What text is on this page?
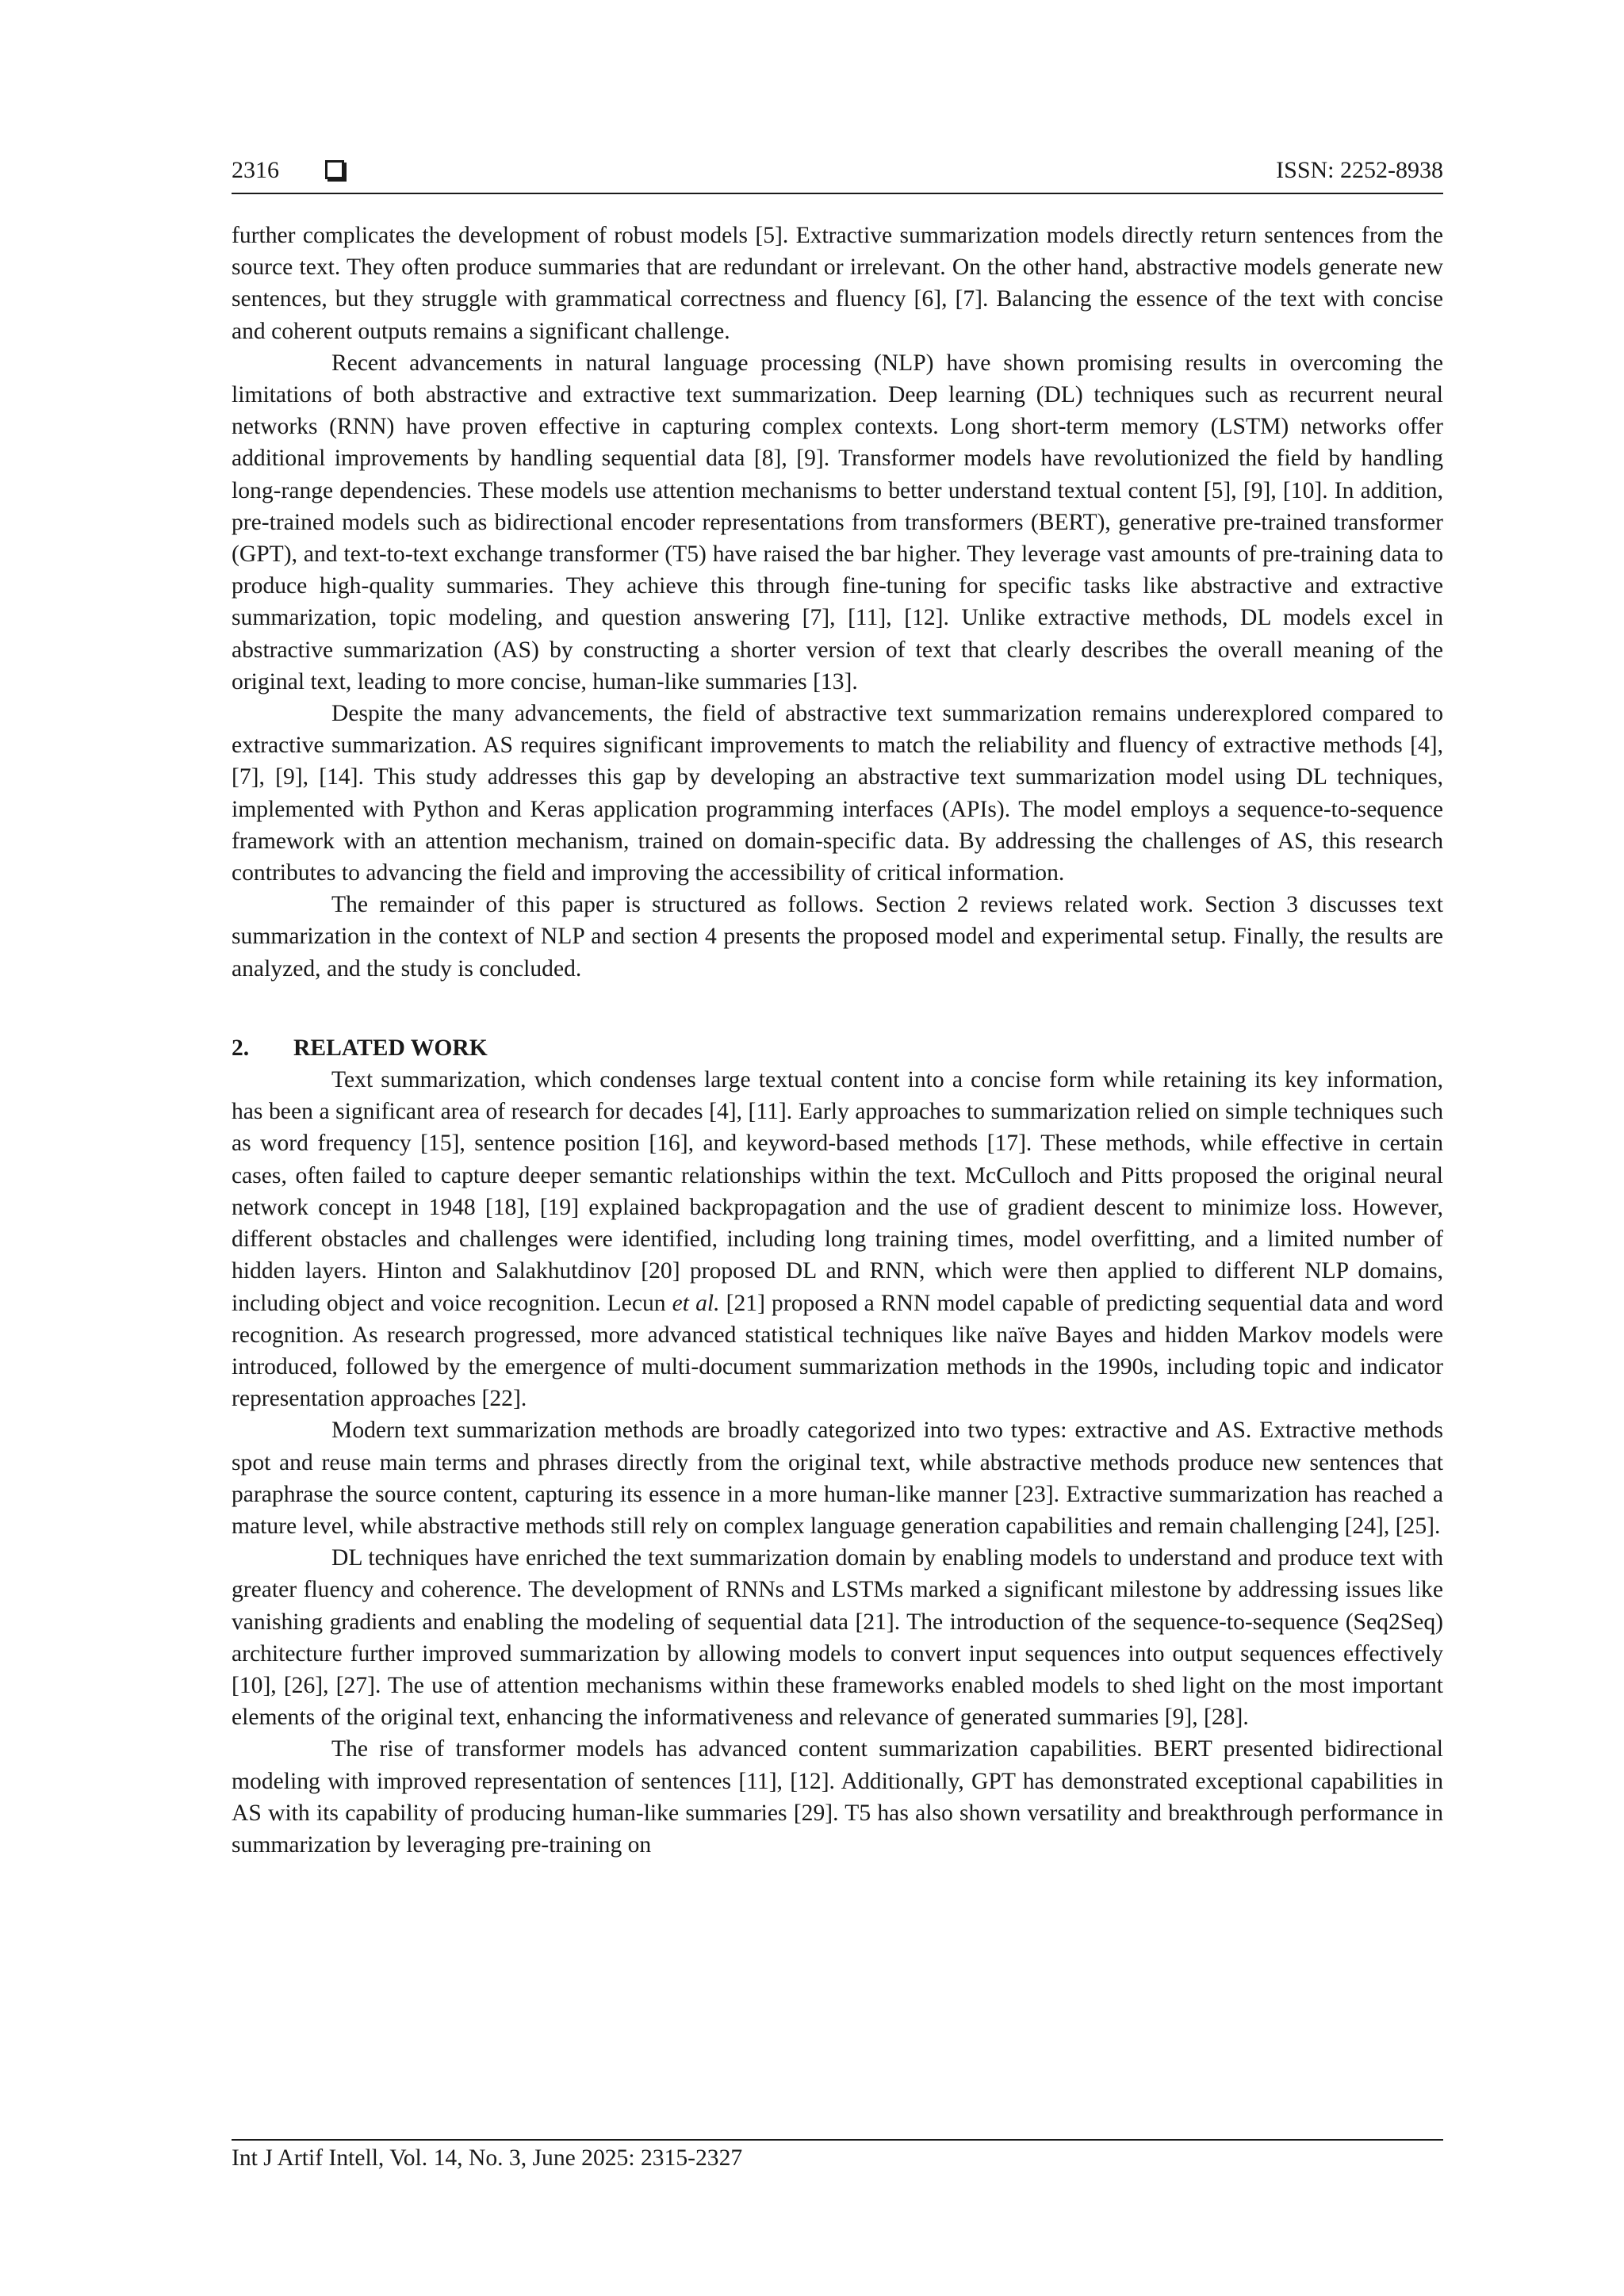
2316	ISSN: 2252-8938

further complicates the development of robust models [5]. Extractive summarization models directly return sentences from the source text. They often produce summaries that are redundant or irrelevant. On the other hand, abstractive models generate new sentences, but they struggle with grammatical correctness and fluency [6], [7]. Balancing the essence of the text with concise and coherent outputs remains a significant challenge.

Recent advancements in natural language processing (NLP) have shown promising results in overcoming the limitations of both abstractive and extractive text summarization. Deep learning (DL) techniques such as recurrent neural networks (RNN) have proven effective in capturing complex contexts. Long short-term memory (LSTM) networks offer additional improvements by handling sequential data [8], [9]. Transformer models have revolutionized the field by handling long-range dependencies. These models use attention mechanisms to better understand textual content [5], [9], [10]. In addition, pre-trained models such as bidirectional encoder representations from transformers (BERT), generative pre-trained transformer (GPT), and text-to-text exchange transformer (T5) have raised the bar higher. They leverage vast amounts of pre-training data to produce high-quality summaries. They achieve this through fine-tuning for specific tasks like abstractive and extractive summarization, topic modeling, and question answering [7], [11], [12]. Unlike extractive methods, DL models excel in abstractive summarization (AS) by constructing a shorter version of text that clearly describes the overall meaning of the original text, leading to more concise, human-like summaries [13].

Despite the many advancements, the field of abstractive text summarization remains underexplored compared to extractive summarization. AS requires significant improvements to match the reliability and fluency of extractive methods [4], [7], [9], [14]. This study addresses this gap by developing an abstractive text summarization model using DL techniques, implemented with Python and Keras application programming interfaces (APIs). The model employs a sequence-to-sequence framework with an attention mechanism, trained on domain-specific data. By addressing the challenges of AS, this research contributes to advancing the field and improving the accessibility of critical information.

The remainder of this paper is structured as follows. Section 2 reviews related work. Section 3 discusses text summarization in the context of NLP and section 4 presents the proposed model and experimental setup. Finally, the results are analyzed, and the study is concluded.

2. RELATED WORK

Text summarization, which condenses large textual content into a concise form while retaining its key information, has been a significant area of research for decades [4], [11]. Early approaches to summarization relied on simple techniques such as word frequency [15], sentence position [16], and keyword-based methods [17]. These methods, while effective in certain cases, often failed to capture deeper semantic relationships within the text. McCulloch and Pitts proposed the original neural network concept in 1948 [18], [19] explained backpropagation and the use of gradient descent to minimize loss. However, different obstacles and challenges were identified, including long training times, model overfitting, and a limited number of hidden layers. Hinton and Salakhutdinov [20] proposed DL and RNN, which were then applied to different NLP domains, including object and voice recognition. Lecun et al. [21] proposed a RNN model capable of predicting sequential data and word recognition. As research progressed, more advanced statistical techniques like naïve Bayes and hidden Markov models were introduced, followed by the emergence of multi-document summarization methods in the 1990s, including topic and indicator representation approaches [22].

Modern text summarization methods are broadly categorized into two types: extractive and AS. Extractive methods spot and reuse main terms and phrases directly from the original text, while abstractive methods produce new sentences that paraphrase the source content, capturing its essence in a more human-like manner [23]. Extractive summarization has reached a mature level, while abstractive methods still rely on complex language generation capabilities and remain challenging [24], [25].

DL techniques have enriched the text summarization domain by enabling models to understand and produce text with greater fluency and coherence. The development of RNNs and LSTMs marked a significant milestone by addressing issues like vanishing gradients and enabling the modeling of sequential data [21]. The introduction of the sequence-to-sequence (Seq2Seq) architecture further improved summarization by allowing models to convert input sequences into output sequences effectively [10], [26], [27]. The use of attention mechanisms within these frameworks enabled models to shed light on the most important elements of the original text, enhancing the informativeness and relevance of generated summaries [9], [28].

The rise of transformer models has advanced content summarization capabilities. BERT presented bidirectional modeling with improved representation of sentences [11], [12]. Additionally, GPT has demonstrated exceptional capabilities in AS with its capability of producing human-like summaries [29]. T5 has also shown versatility and breakthrough performance in summarization by leveraging pre-training on

Int J Artif Intell, Vol. 14, No. 3, June 2025: 2315-2327
